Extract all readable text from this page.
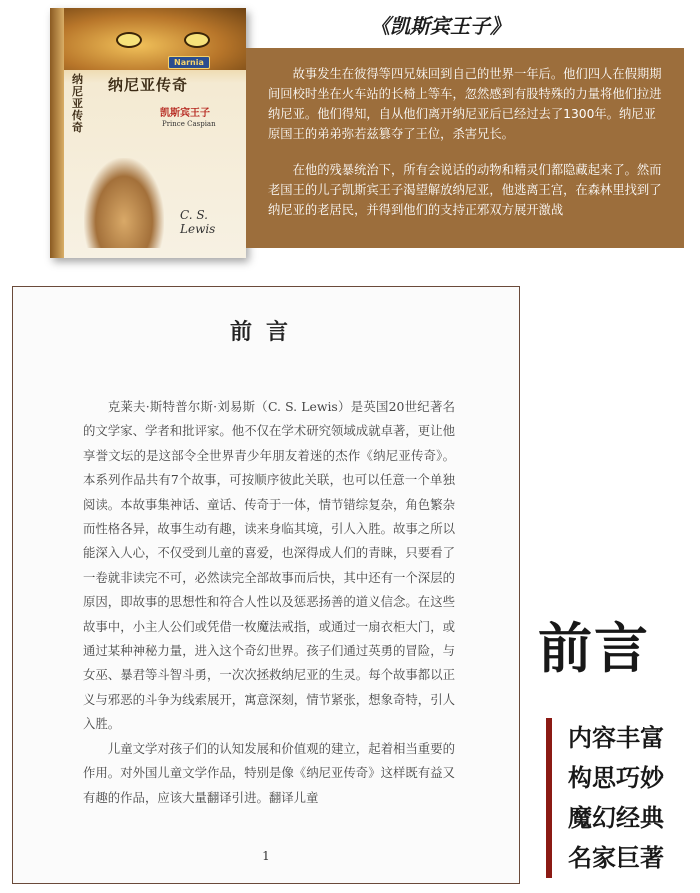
Narnia
纳尼亚传奇
纳尼亚传奇
凯斯宾王子
Prince Caspian
C. S. Lewis
《凯斯宾王子》

故事发生在彼得等四兄妹回到自己的世界一年后。他们四人在假期期间回校时坐在火车站的长椅上等车，忽然感到有股特殊的力量将他们拉进纳尼亚。他们得知，自从他们离开纳尼亚后已经过去了1300年。纳尼亚原国王的弟弟弥若兹篡夺了王位，杀害兄长。

在他的残暴统治下，所有会说话的动物和精灵们都隐藏起来了。然而老国王的儿子凯斯宾王子渴望解放纳尼亚，他逃离王宫，在森林里找到了纳尼亚的老居民，并得到他们的支持正邪双方展开激战

前言

克莱夫·斯特普尔斯·刘易斯（C. S. Lewis）是英国20世纪著名的文学家、学者和批评家。他不仅在学术研究领域成就卓著，更让他享誉文坛的是这部令全世界青少年朋友着迷的杰作《纳尼亚传奇》。本系列作品共有7个故事，可按顺序彼此关联，也可以任意一个单独阅读。本故事集神话、童话、传奇于一体，情节错综复杂，角色繁杂而性格各异，故事生动有趣，读来身临其境，引人入胜。故事之所以能深入人心，不仅受到儿童的喜爱，也深得成人们的青睐，只要看了一卷就非读完不可，必然读完全部故事而后快，其中还有一个深层的原因，即故事的思想性和符合人性以及惩恶扬善的道义信念。在这些故事中，小主人公们或凭借一枚魔法戒指，或通过一扇衣柜大门，或通过某种神秘力量，进入这个奇幻世界。孩子们通过英勇的冒险，与女巫、暴君等斗智斗勇，一次次拯救纳尼亚的生灵。每个故事都以正义与邪恶的斗争为线索展开，寓意深刻，情节紧张，想象奇特，引人入胜。

儿童文学对孩子们的认知发展和价值观的建立，起着相当重要的作用。对外国儿童文学作品，特别是像《纳尼亚传奇》这样既有益又有趣的作品，应该大量翻译引进。翻译儿童

1
前言
内容丰富
构思巧妙
魔幻经典
名家巨著
